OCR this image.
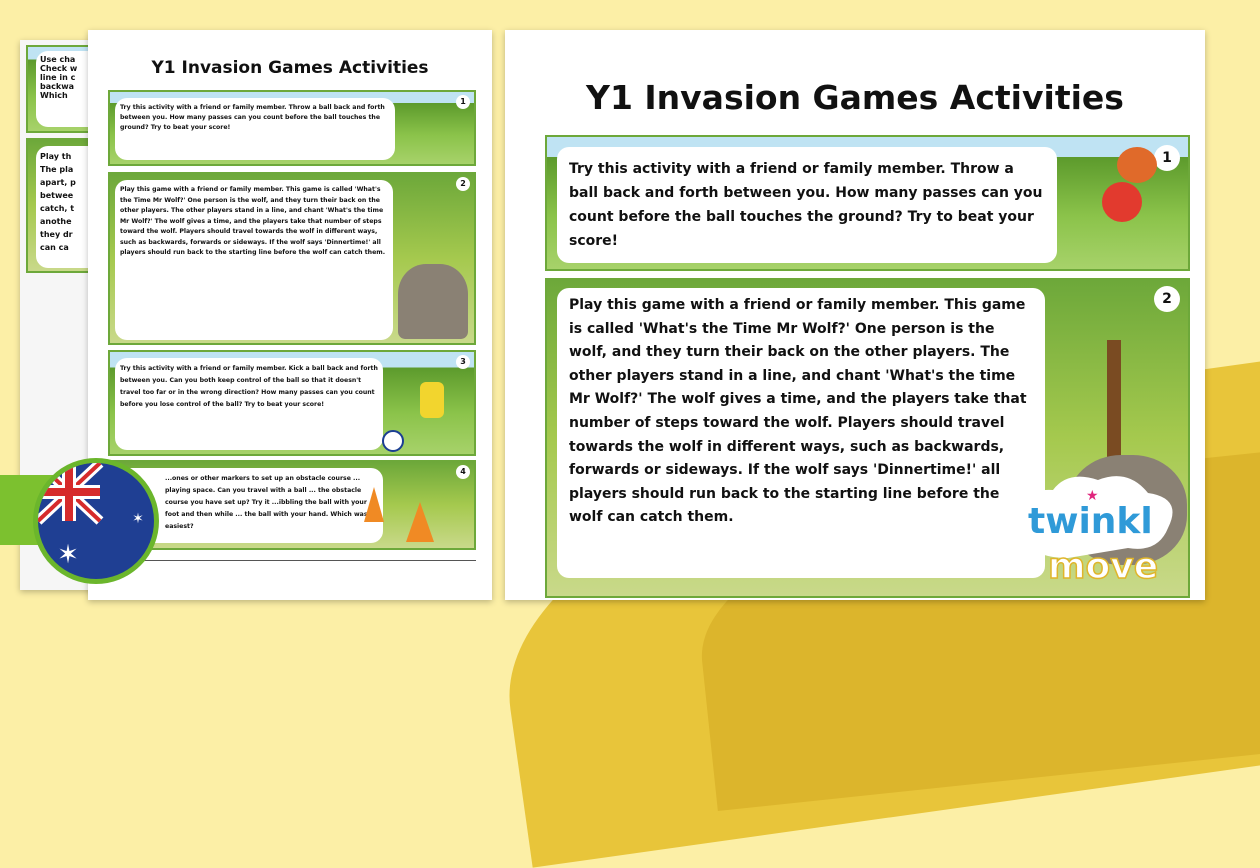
Use cha
Check w
line in c
backwa
Which
Play th
The pla
apart, p
betwee
catch, t
anothe
they dr
can ca
Y1 Invasion Games Activities
Try this activity with a friend or family member. Throw a ball back and forth between you. How many passes can you count before the ball touches the ground? Try to beat your score!
1
Play this game with a friend or family member. This game is called 'What's the Time Mr Wolf?' One person is the wolf, and they turn their back on the other players. The other players stand in a line, and chant 'What's the time Mr Wolf?' The wolf gives a time, and the players take that number of steps toward the wolf. Players should travel towards the wolf in different ways, such as backwards, forwards or sideways. If the wolf says 'Dinnertime!' all players should run back to the starting line before the wolf can catch them.
2
Try this activity with a friend or family member. Kick a ball back and forth between you. Can you both keep control of the ball so that it doesn't travel too far or in the wrong direction? How many passes can you count before you lose control of the ball? Try to beat your score!
3
...ones or other markers to set up an obstacle course ... playing space. Can you travel with a ball ... the obstacle course you have set up? Try it ...ibbling the ball with your foot and then while ... the ball with your hand. Which was easiest?
4
Y1 Invasion Games Activities
Try this activity with a friend or family member. Throw a ball back and forth between you. How many passes can you count before the ball touches the ground? Try to beat your score!
1
Play this game with a friend or family member. This game is called 'What's the Time Mr Wolf?' One person is the wolf, and they turn their back on the other players. The other players stand in a line, and chant 'What's the time Mr Wolf?' The wolf gives a time, and the players take that number of steps toward the wolf. Players should travel towards the wolf in different ways, such as backwards, forwards or sideways. If the wolf says 'Dinnertime!' all players should run back to the starting line before the wolf can catch them.
2
✶
✶	twinkl
★
move
